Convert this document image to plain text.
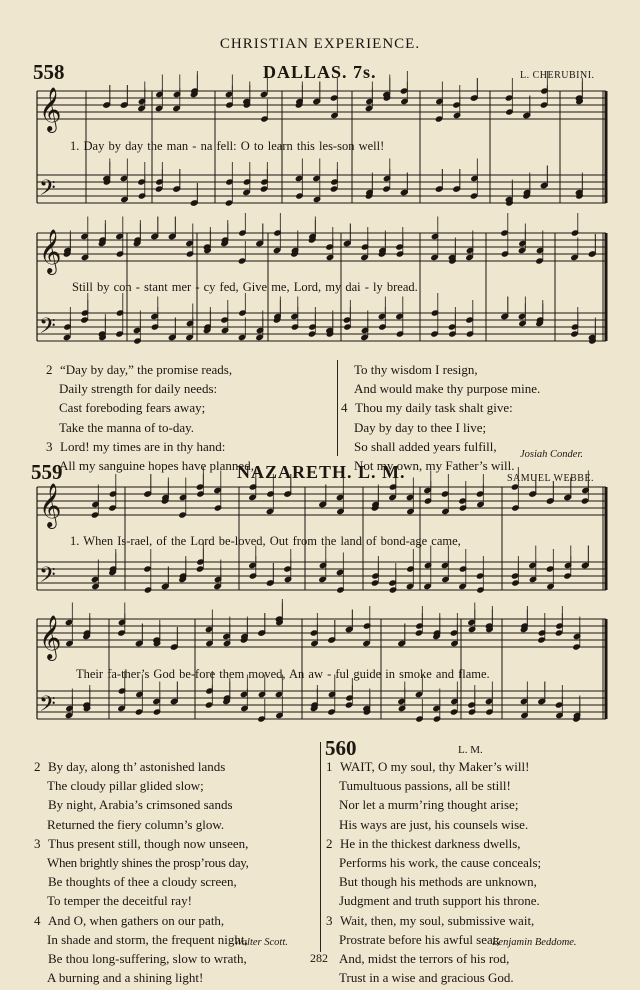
CHRISTIAN EXPERIENCE.
558	DALLAS. 7s.	L. CHERUBINI.
𝄞
𝄢
𝄞
𝄢
𝄞
𝄢
𝄞
𝄢
1. Day by day the man - na fell: O to learn this les-son well!
Still by con - stant mer - cy fed, Give me, Lord, my dai - ly bread.
2 “Day by day,” the promise reads,
Daily strength for daily needs:
Cast foreboding fears away;
Take the manna of to-day.
3 Lord! my times are in thy hand:
All my sanguine hopes have planned,
To thy wisdom I resign,
And would make thy purpose mine.
4 Thou my daily task shalt give:
Day by day to thee I live;
So shall added years fulfill,
Not my own, my Father’s will.
Josiah Conder.
559	NAZARETH. L. M.	SAMUEL WEBBE.
1. When Is-rael, of the Lord be-loved, Out from the land of bond-age came,
Their fa-ther’s God be-fore them moved, An aw - ful guide in smoke and flame.
2 By day, along th’ astonished lands
The cloudy pillar glided slow;
By night, Arabia’s crimsoned sands
Returned the fiery column’s glow.
3 Thus present still, though now unseen,
When brightly shines the prosp’rous day,
Be thoughts of thee a cloudy screen,
To temper the deceitful ray!
4 And O, when gathers on our path,
In shade and storm, the frequent night,
Be thou long-suffering, slow to wrath,
A burning and a shining light!
Walter Scott.
560	L. M.
1 WAIT, O my soul, thy Maker’s will!
Tumultuous passions, all be still!
Nor let a murm’ring thought arise;
His ways are just, his counsels wise.
2 He in the thickest darkness dwells,
Performs his work, the cause conceals;
But though his methods are unknown,
Judgment and truth support his throne.
3 Wait, then, my soul, submissive wait,
Prostrate before his awful seat;
And, midst the terrors of his rod,
Trust in a wise and gracious God.
Benjamin Beddome.
282
